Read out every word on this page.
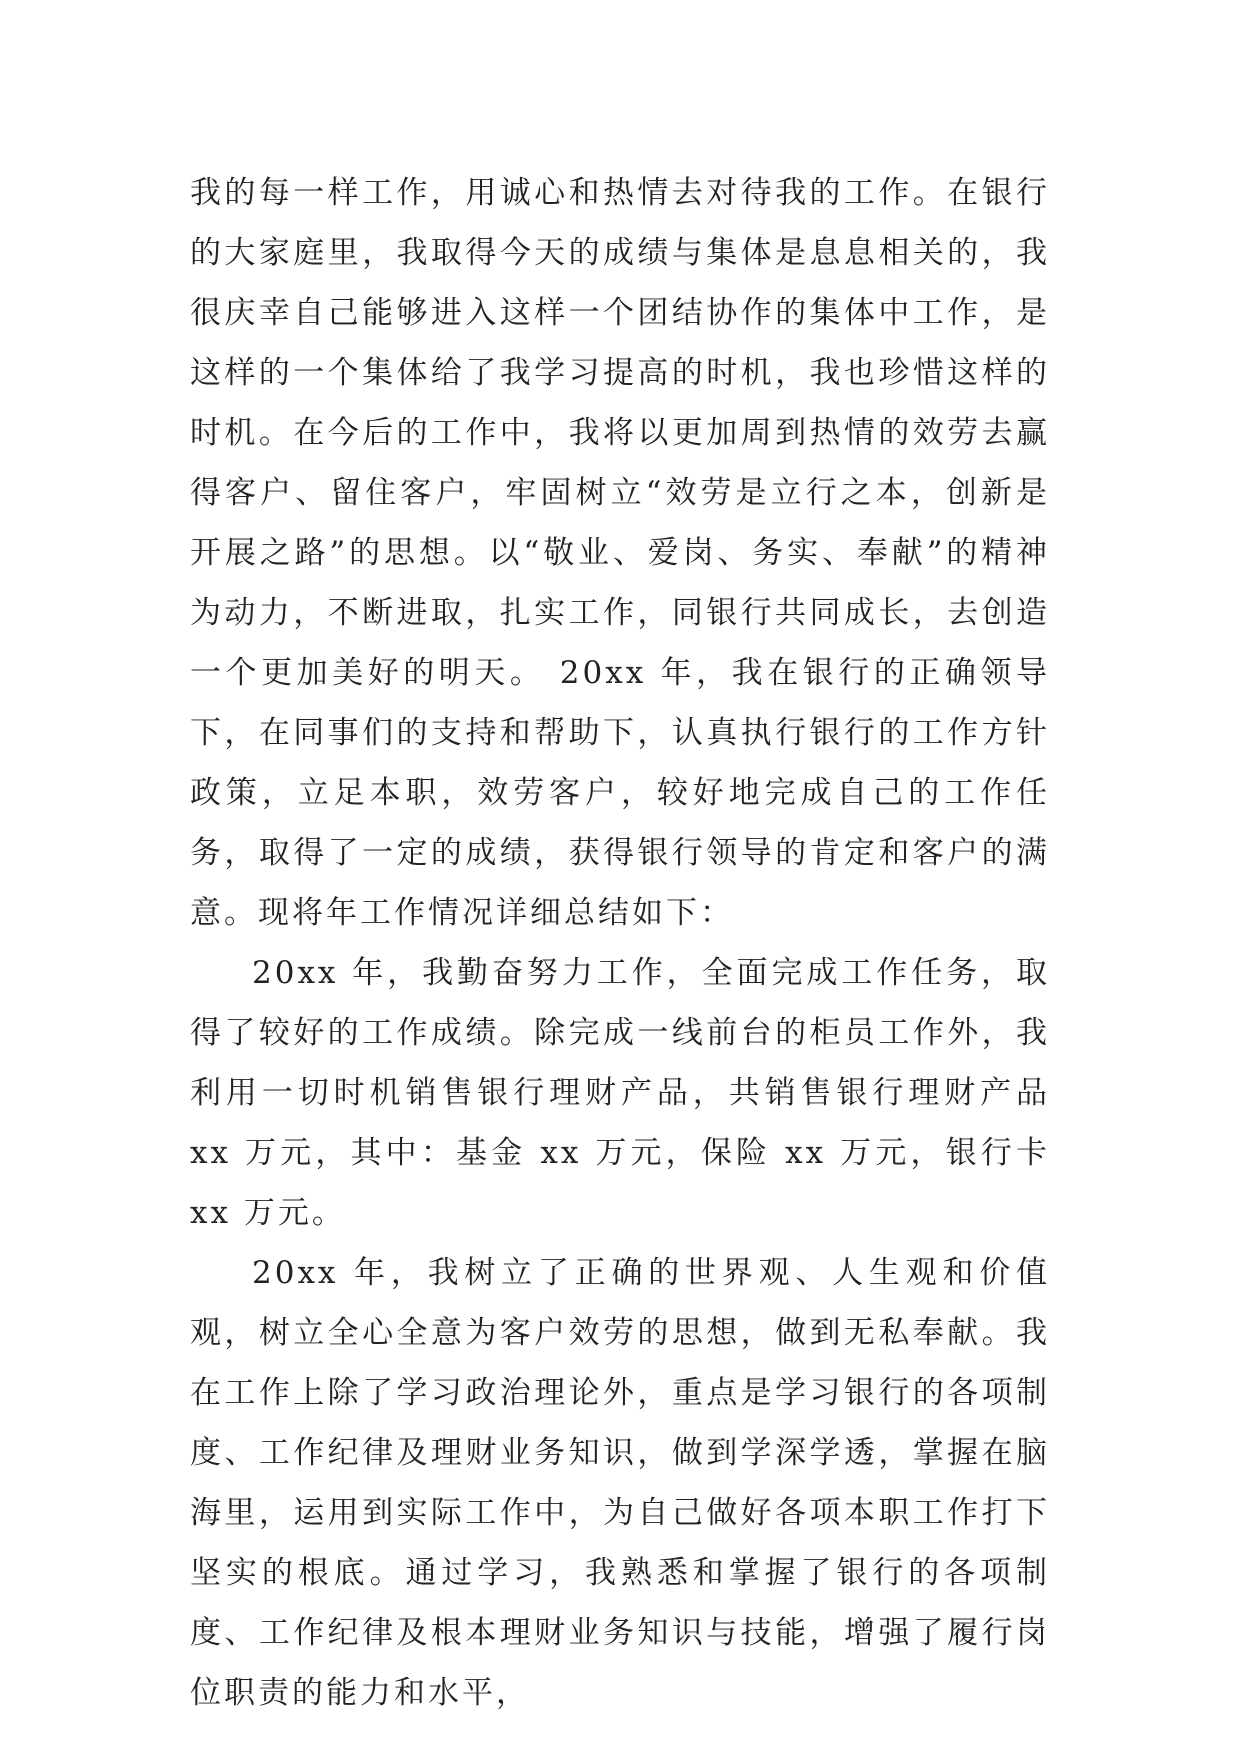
我的每一样工作，用诚心和热情去对待我的工作。在银行的大家庭里，我取得今天的成绩与集体是息息相关的，我很庆幸自己能够进入这样一个团结协作的集体中工作，是这样的一个集体给了我学习提高的时机，我也珍惜这样的时机。在今后的工作中，我将以更加周到热情的效劳去赢得客户、留住客户，牢固树立“效劳是立行之本，创新是开展之路”的思想。以“敬业、爱岗、务实、奉献”的精神为动力，不断进取，扎实工作，同银行共同成长，去创造一个更加美好的明天。 20xx 年，我在银行的正确领导下，在同事们的支持和帮助下，认真执行银行的工作方针政策，立足本职，效劳客户，较好地完成自己的工作任务，取得了一定的成绩，获得银行领导的肯定和客户的满意。现将年工作情况详细总结如下：

20xx 年，我勤奋努力工作，全面完成工作任务，取得了较好的工作成绩。除完成一线前台的柜员工作外，我利用一切时机销售银行理财产品，共销售银行理财产品 xx 万元，其中：基金 xx 万元，保险 xx 万元，银行卡 xx 万元。

20xx 年，我树立了正确的世界观、人生观和价值观，树立全心全意为客户效劳的思想，做到无私奉献。我在工作上除了学习政治理论外，重点是学习银行的各项制度、工作纪律及理财业务知识，做到学深学透，掌握在脑海里，运用到实际工作中，为自己做好各项本职工作打下坚实的根底。通过学习，我熟悉和掌握了银行的各项制度、工作纪律及根本理财业务知识与技能，增强了履行岗位职责的能力和水平，
